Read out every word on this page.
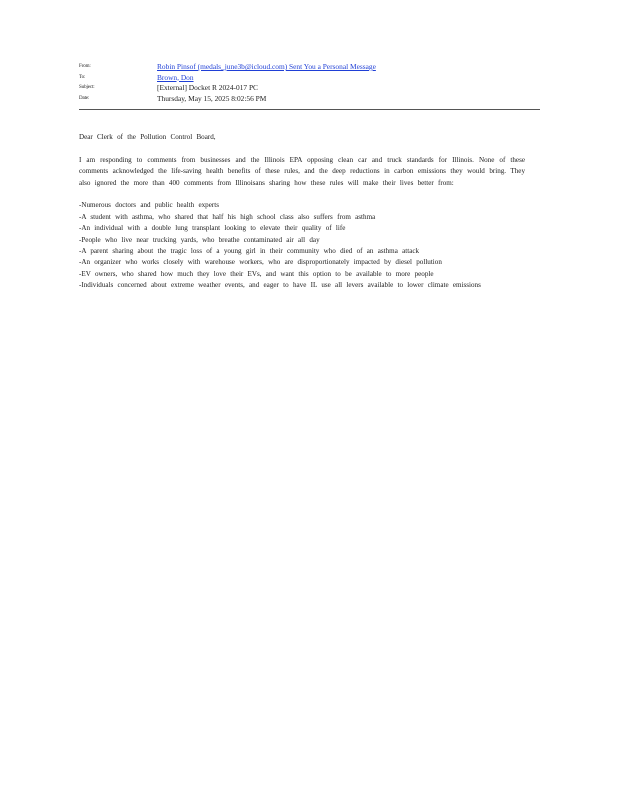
From:	Robin Pinsof (medals_june3b@icloud.com) Sent You a Personal Message
To:	Brown, Don
Subject:	[External] Docket R 2024-017 PC
Date:	Thursday, May 15, 2025 8:02:56 PM

Dear Clerk of the Pollution Control Board,

I am responding to comments from businesses and the Illinois EPA opposing clean car and truck standards for Illinois. None of these comments acknowledged the life-saving health benefits of these rules, and the deep reductions in carbon emissions they would bring. They also ignored the more than 400 comments from Illinoisans sharing how these rules will make their lives better from:

-Numerous doctors and public health experts
-A student with asthma, who shared that half his high school class also suffers from asthma
-An individual with a double lung transplant looking to elevate their quality of life
-People who live near trucking yards, who breathe contaminated air all day
-A parent sharing about the tragic loss of a young girl in their community who died of an asthma attack
-An organizer who works closely with warehouse workers, who are disproportionately impacted by diesel pollution
-EV owners, who shared how much they love their EVs, and want this option to be available to more people
-Individuals concerned about extreme weather events, and eager to have IL use all levers available to lower climate emissions
